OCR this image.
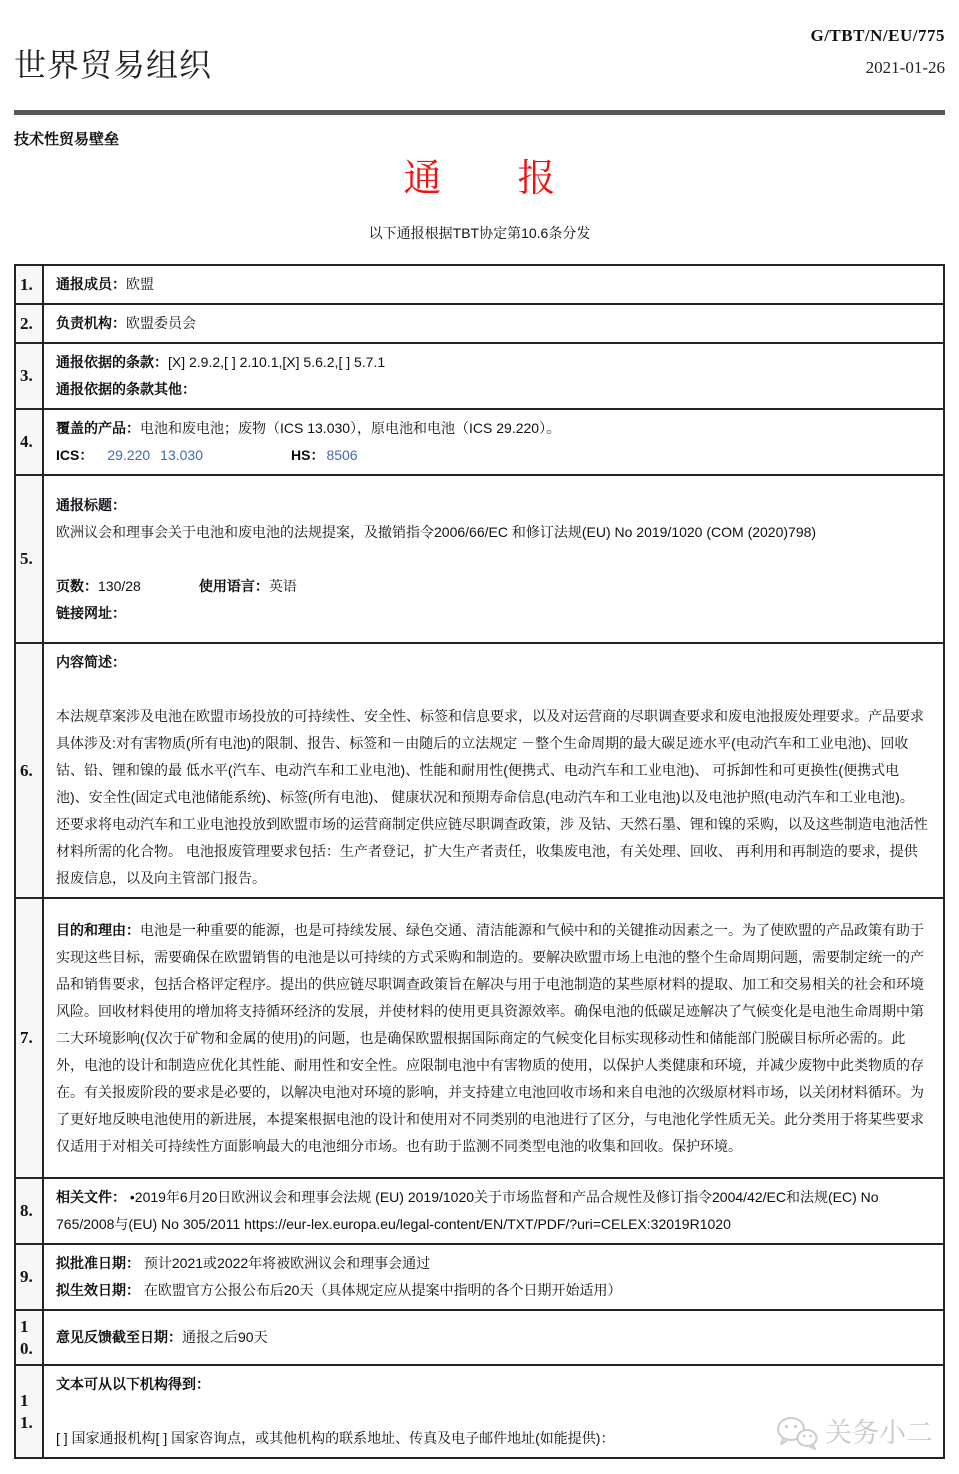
世界贸易组织
G/TBT/N/EU/775
2021-01-26
技术性贸易壁垒
通　　报
以下通报根据TBT协定第10.6条分发
1.	通报成员：欧盟

2.	负责机构：欧盟委员会

3.	通报依据的条款：[X] 2.9.2,[ ] 2.10.1,[X] 5.6.2,[ ] 5.7.1
通报依据的条款其他：

4.	覆盖的产品：电池和废电池；废物（ICS 13.030），原电池和电池（ICS 29.220）。
ICS： 29.220 13.030 HS： 8506

5.	通报标题：
欧洲议会和理事会关于电池和废电池的法规提案，及撤销指令2006/66/EC 和修订法规(EU) No 2019/1020 (COM (2020)798)

页数：130/28 使用语言：英语
链接网址：

6.	内容简述：

本法规草案涉及电池在欧盟市场投放的可持续性、安全性、标签和信息要求，以及对运营商的尽职调查要求和废电池报废处理要求。产品要求具体涉及:对有害物质(所有电池)的限制、报告、标签和－由随后的立法规定 －整个生命周期的最大碳足迹水平(电动汽车和工业电池)、回收钴、铅、锂和镍的最 低水平(汽车、电动汽车和工业电池)、性能和耐用性(便携式、电动汽车和工业电池)、 可拆卸性和可更换性(便携式电池)、安全性(固定式电池储能系统)、标签(所有电池)、 健康状况和预期寿命信息(电动汽车和工业电池)以及电池护照(电动汽车和工业电池)。 还要求将电动汽车和工业电池投放到欧盟市场的运营商制定供应链尽职调查政策，涉 及钴、天然石墨、锂和镍的采购，以及这些制造电池活性材料所需的化合物。 电池报废管理要求包括：生产者登记，扩大生产者责任，收集废电池，有关处理、回收、 再利用和再制造的要求，提供报废信息，以及向主管部门报告。

7.	目的和理由：电池是一种重要的能源，也是可持续发展、绿色交通、清洁能源和气候中和的关键推动因素之一。为了使欧盟的产品政策有助于实现这些目标，需要确保在欧盟销售的电池是以可持续的方式采购和制造的。要解决欧盟市场上电池的整个生命周期问题，需要制定统一的产品和销售要求，包括合格评定程序。提出的供应链尽职调查政策旨在解决与用于电池制造的某些原材料的提取、加工和交易相关的社会和环境风险。回收材料使用的增加将支持循环经济的发展，并使材料的使用更具资源效率。确保电池的低碳足迹解决了气候变化是电池生命周期中第二大环境影响(仅次于矿物和金属的使用)的问题，也是确保欧盟根据国际商定的气候变化目标实现移动性和储能部门脱碳目标所必需的。此外，电池的设计和制造应优化其性能、耐用性和安全性。应限制电池中有害物质的使用，以保护人类健康和环境，并减少废物中此类物质的存在。有关报废阶段的要求是必要的，以解决电池对环境的影响，并支持建立电池回收市场和来自电池的次级原材料市场，以关闭材料循环。为了更好地反映电池使用的新进展，本提案根据电池的设计和使用对不同类别的电池进行了区分，与电池化学性质无关。此分类用于将某些要求仅适用于对相关可持续性方面影响最大的电池细分市场。也有助于监测不同类型电池的收集和回收。保护环境。

8.	相关文件： •2019年6月20日欧洲议会和理事会法规 (EU) 2019/1020关于市场监督和产品合规性及修订指令2004/42/EC和法规(EC) No 765/2008与(EU) No 305/2011 https://eur-lex.europa.eu/legal-content/EN/TXT/PDF/?uri=CELEX:32019R1020

9.	拟批准日期： 预计2021或2022年将被欧洲议会和理事会通过
拟生效日期： 在欧盟官方公报公布后20天（具体规定应从提案中指明的各个日期开始适用）

10.	意见反馈截至日期：通报之后90天

11.	文本可从以下机构得到：

[ ] 国家通报机构[ ] 国家咨询点，或其他机构的联系地址、传真及电子邮件地址(如能提供)： 关务小二
